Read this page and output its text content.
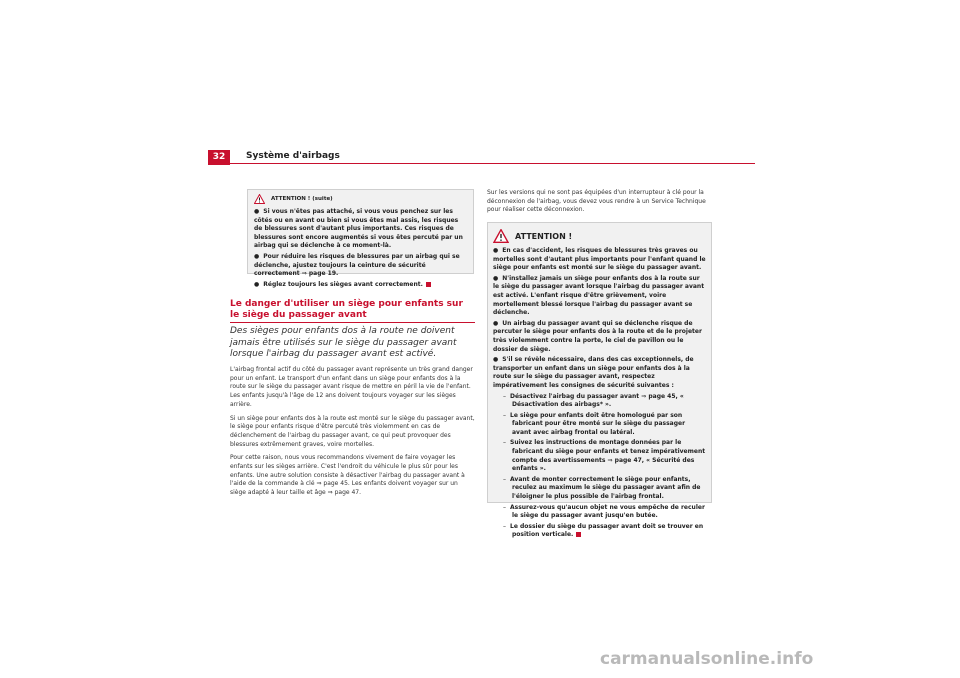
32	Système d'airbags
ATTENTION ! (suite)

● Si vous n'êtes pas attaché, si vous vous penchez sur les côtés ou en avant ou bien si vous êtes mal assis, les risques de blessures sont d'autant plus importants. Ces risques de blessures sont encore augmentés si vous êtes percuté par un airbag qui se déclenche à ce moment-là.

● Pour réduire les risques de blessures par un airbag qui se déclenche, ajustez toujours la ceinture de sécurité correctement ⇒ page 19.

● Réglez toujours les sièges avant correctement.

Le danger d'utiliser un siège pour enfants sur le siège du passager avant
Des sièges pour enfants dos à la route ne doivent jamais être utilisés sur le siège du passager avant lorsque l'airbag du passager avant est activé.

L'airbag frontal actif du côté du passager avant représente un très grand danger pour un enfant. Le transport d'un enfant dans un siège pour enfants dos à la route sur le siège du passager avant risque de mettre en péril la vie de l'enfant. Les enfants jusqu'à l'âge de 12 ans doivent toujours voyager sur les sièges arrière.

Si un siège pour enfants dos à la route est monté sur le siège du passager avant, le siège pour enfants risque d'être percuté très violemment en cas de déclenchement de l'airbag du passager avant, ce qui peut provoquer des blessures extrêmement graves, voire mortelles.

Pour cette raison, nous vous recommandons vivement de faire voyager les enfants sur les sièges arrière. C'est l'endroit du véhicule le plus sûr pour les enfants. Une autre solution consiste à désactiver l'airbag du passager avant à l'aide de la commande à clé ⇒ page 45. Les enfants doivent voyager sur un siège adapté à leur taille et âge ⇒ page 47.

Sur les versions qui ne sont pas équipées d'un interrupteur à clé pour la déconnexion de l'airbag, vous devez vous rendre à un Service Technique pour réaliser cette déconnexion.

ATTENTION !

● En cas d'accident, les risques de blessures très graves ou mortelles sont d'autant plus importants pour l'enfant quand le siège pour enfants est monté sur le siège du passager avant.

● N'installez jamais un siège pour enfants dos à la route sur le siège du passager avant lorsque l'airbag du passager avant est activé. L'enfant risque d'être grièvement, voire mortellement blessé lorsque l'airbag du passager avant se déclenche.

● Un airbag du passager avant qui se déclenche risque de percuter le siège pour enfants dos à la route et de le projeter très violemment contre la porte, le ciel de pavillon ou le dossier de siège.

● S'il se révèle nécessaire, dans des cas exceptionnels, de transporter un enfant dans un siège pour enfants dos à la route sur le siège du passager avant, respectez impérativement les consignes de sécurité suivantes :

– Désactivez l'airbag du passager avant ⇒ page 45, « Désactivation des airbags* ».

– Le siège pour enfants doit être homologué par son fabricant pour être monté sur le siège du passager avant avec airbag frontal ou latéral.

– Suivez les instructions de montage données par le fabricant du siège pour enfants et tenez impérativement compte des avertissements ⇒ page 47, « Sécurité des enfants ».

– Avant de monter correctement le siège pour enfants, reculez au maximum le siège du passager avant afin de l'éloigner le plus possible de l'airbag frontal.

– Assurez-vous qu'aucun objet ne vous empêche de reculer le siège du passager avant jusqu'en butée.

– Le dossier du siège du passager avant doit se trouver en position verticale.

carmanualsonline.info
